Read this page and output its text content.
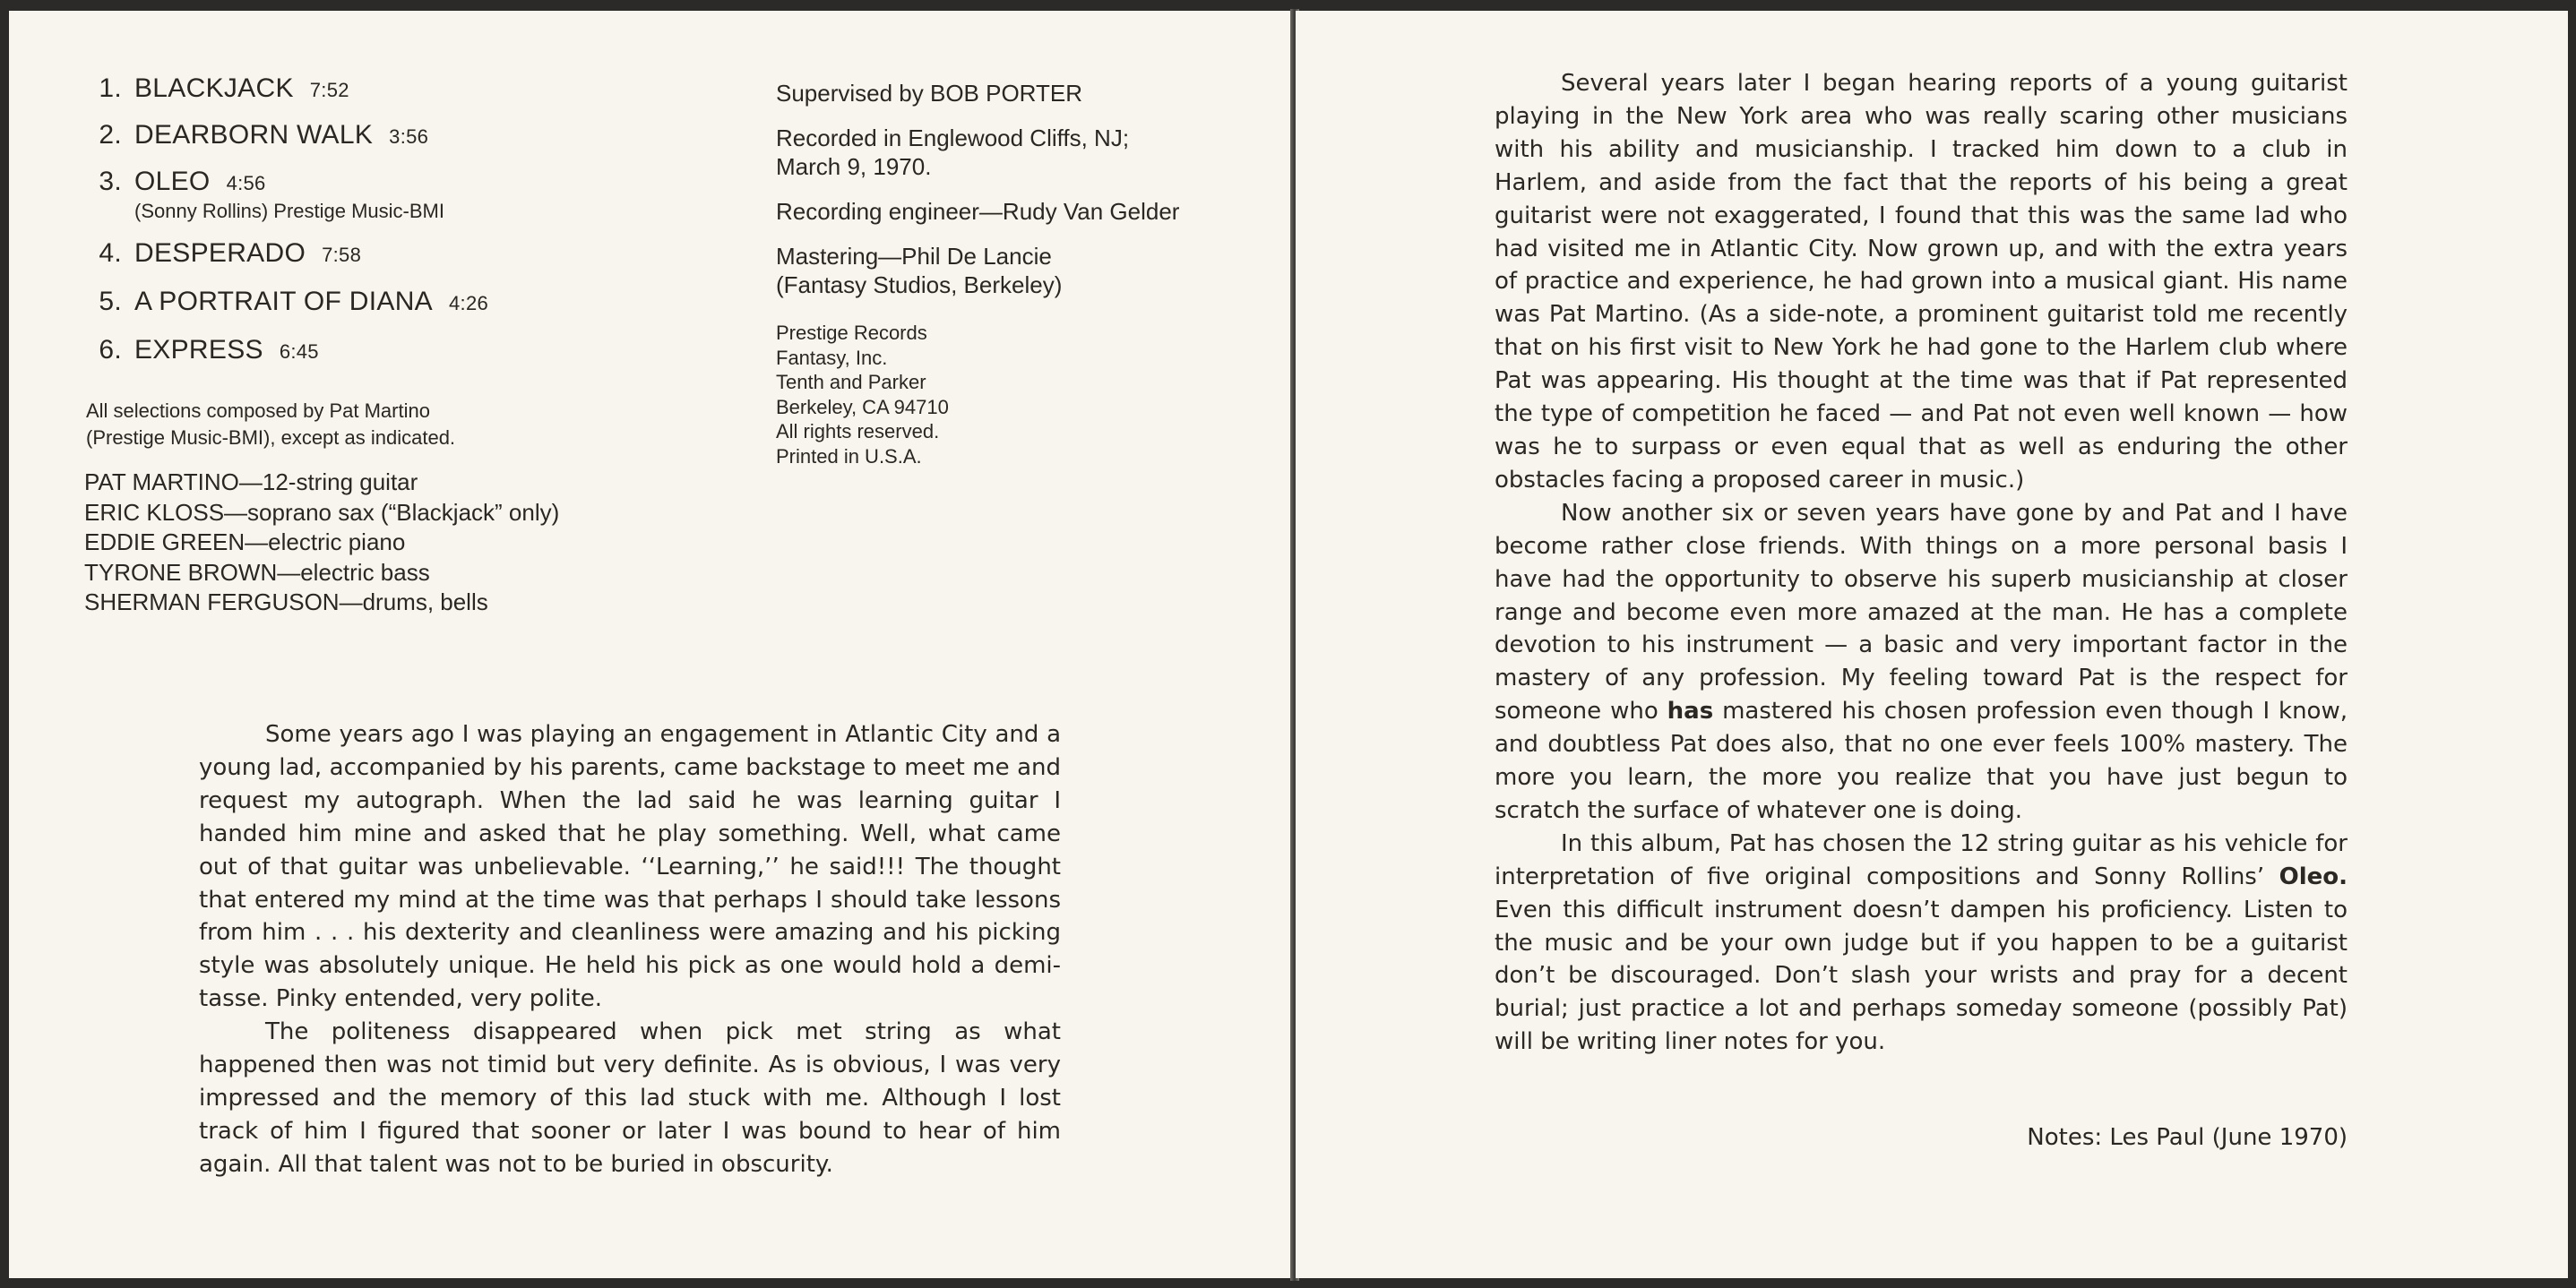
1. BLACKJACK 7:52
2. DEARBORN WALK 3:56
3. OLEO 4:56
(Sonny Rollins) Prestige Music-BMI
4. DESPERADO 7:58
5. A PORTRAIT OF DIANA 4:26
6. EXPRESS 6:45
All selections composed by Pat Martino
(Prestige Music-BMI), except as indicated.
PAT MARTINO—12-string guitar
ERIC KLOSS—soprano sax (“Blackjack” only)
EDDIE GREEN—electric piano
TYRONE BROWN—electric bass
SHERMAN FERGUSON—drums, bells
Supervised by BOB PORTER
Recorded in Englewood Cliffs, NJ;
March 9, 1970.
Recording engineer—Rudy Van Gelder
Mastering—Phil De Lancie
(Fantasy Studios, Berkeley)
Prestige Records
Fantasy, Inc.
Tenth and Parker
Berkeley, CA 94710
All rights reserved.
Printed in U.S.A.

Some years ago I was playing an engagement in Atlantic City and a young lad, accompanied by his parents, came backstage to meet me and request my autograph. When the lad said he was learning guitar I handed him mine and asked that he play something. Well, what came out of that guitar was unbelievable. ‘‘Learning,’’ he said!!! The thought that entered my mind at the time was that perhaps I should take lessons from him . . . his dexterity and cleanliness were amazing and his picking style was absolutely unique. He held his pick as one would hold a demi-tasse. Pinky entended, very polite.

The politeness disappeared when pick met string as what happened then was not timid but very definite. As is obvious, I was very impressed and the memory of this lad stuck with me. Although I lost track of him I figured that sooner or later I was bound to hear of him again. All that talent was not to be buried in obscurity.

Several years later I began hearing reports of a young guitarist playing in the New York area who was really scaring other musicians with his ability and musicianship. I tracked him down to a club in Harlem, and aside from the fact that the reports of his being a great guitarist were not exaggerated, I found that this was the same lad who had visited me in Atlantic City. Now grown up, and with the extra years of practice and experience, he had grown into a musical giant. His name was Pat Martino. (As a side-note, a prominent guitarist told me recently that on his first visit to New York he had gone to the Harlem club where Pat was appearing. His thought at the time was that if Pat represented the type of competition he faced — and Pat not even well known — how was he to surpass or even equal that as well as enduring the other obstacles facing a proposed career in music.)

Now another six or seven years have gone by and Pat and I have become rather close friends. With things on a more personal basis I have had the opportunity to observe his superb musicianship at closer range and become even more amazed at the man. He has a complete devotion to his instrument — a basic and very important factor in the mastery of any profession. My feeling toward Pat is the respect for someone who has mastered his chosen profession even though I know, and doubtless Pat does also, that no one ever feels 100% mastery. The more you learn, the more you realize that you have just begun to scratch the surface of whatever one is doing.

In this album, Pat has chosen the 12 string guitar as his vehicle for interpretation of five original compositions and Sonny Rollins’ Oleo. Even this difficult instrument doesn’t dampen his proficiency. Listen to the music and be your own judge but if you happen to be a guitarist don’t be discouraged. Don’t slash your wrists and pray for a decent burial; just practice a lot and perhaps someday someone (possibly Pat) will be writing liner notes for you.

Notes: Les Paul (June 1970)
